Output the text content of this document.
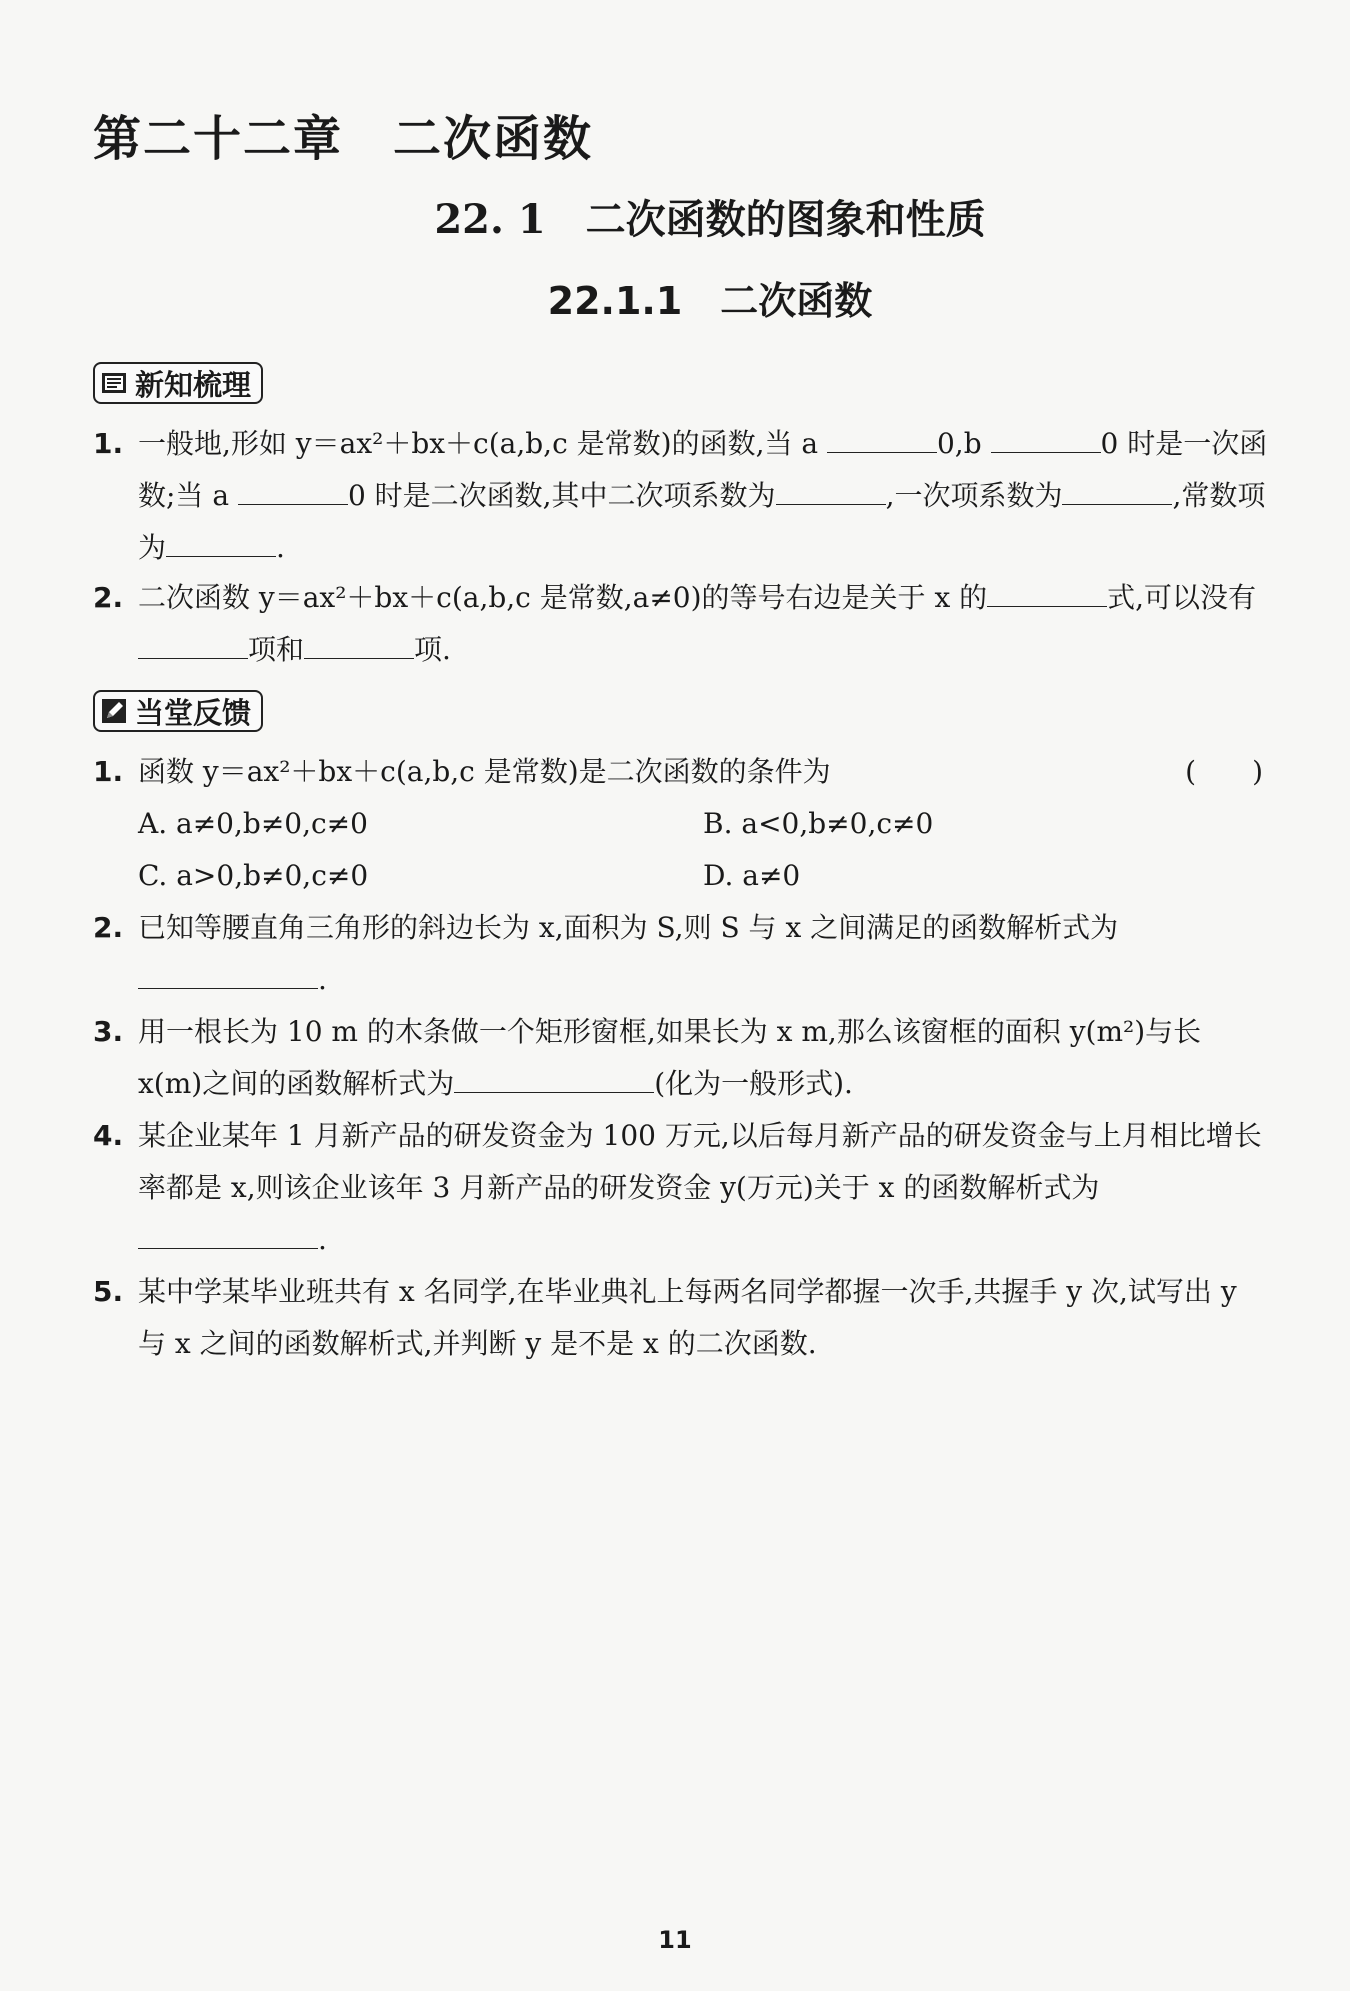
第二十二章　二次函数
22. 1　二次函数的图象和性质
22.1.1　二次函数
新知梳理
1. 一般地,形如 y＝ax²＋bx＋c(a,b,c 是常数)的函数,当 a	0,b	0 时是一次函数;当 a	0 时是二次函数,其中二次项系数为	,一次项系数为	,常数项为	.
2. 二次函数 y＝ax²＋bx＋c(a,b,c 是常数,a≠0)的等号右边是关于 x 的	式,可以没有项和	项.
当堂反馈
1. 函数 y＝ax²＋bx＋c(a,b,c 是常数)是二次函数的条件为	(　　)
A. a≠0,b≠0,c≠0	B. a<0,b≠0,c≠0
C. a>0,b≠0,c≠0	D. a≠0
2. 已知等腰直角三角形的斜边长为 x,面积为 S,则 S 与 x 之间满足的函数解析式为
.
3. 用一根长为 10 m 的木条做一个矩形窗框,如果长为 x m,那么该窗框的面积 y(m²)与长 x(m)之间的函数解析式为	(化为一般形式).
4. 某企业某年 1 月新产品的研发资金为 100 万元,以后每月新产品的研发资金与上月相比增长率都是 x,则该企业该年 3 月新产品的研发资金 y(万元)关于 x 的函数解析式为
.
5. 某中学某毕业班共有 x 名同学,在毕业典礼上每两名同学都握一次手,共握手 y 次,试写出 y 与 x 之间的函数解析式,并判断 y 是不是 x 的二次函数.
11
